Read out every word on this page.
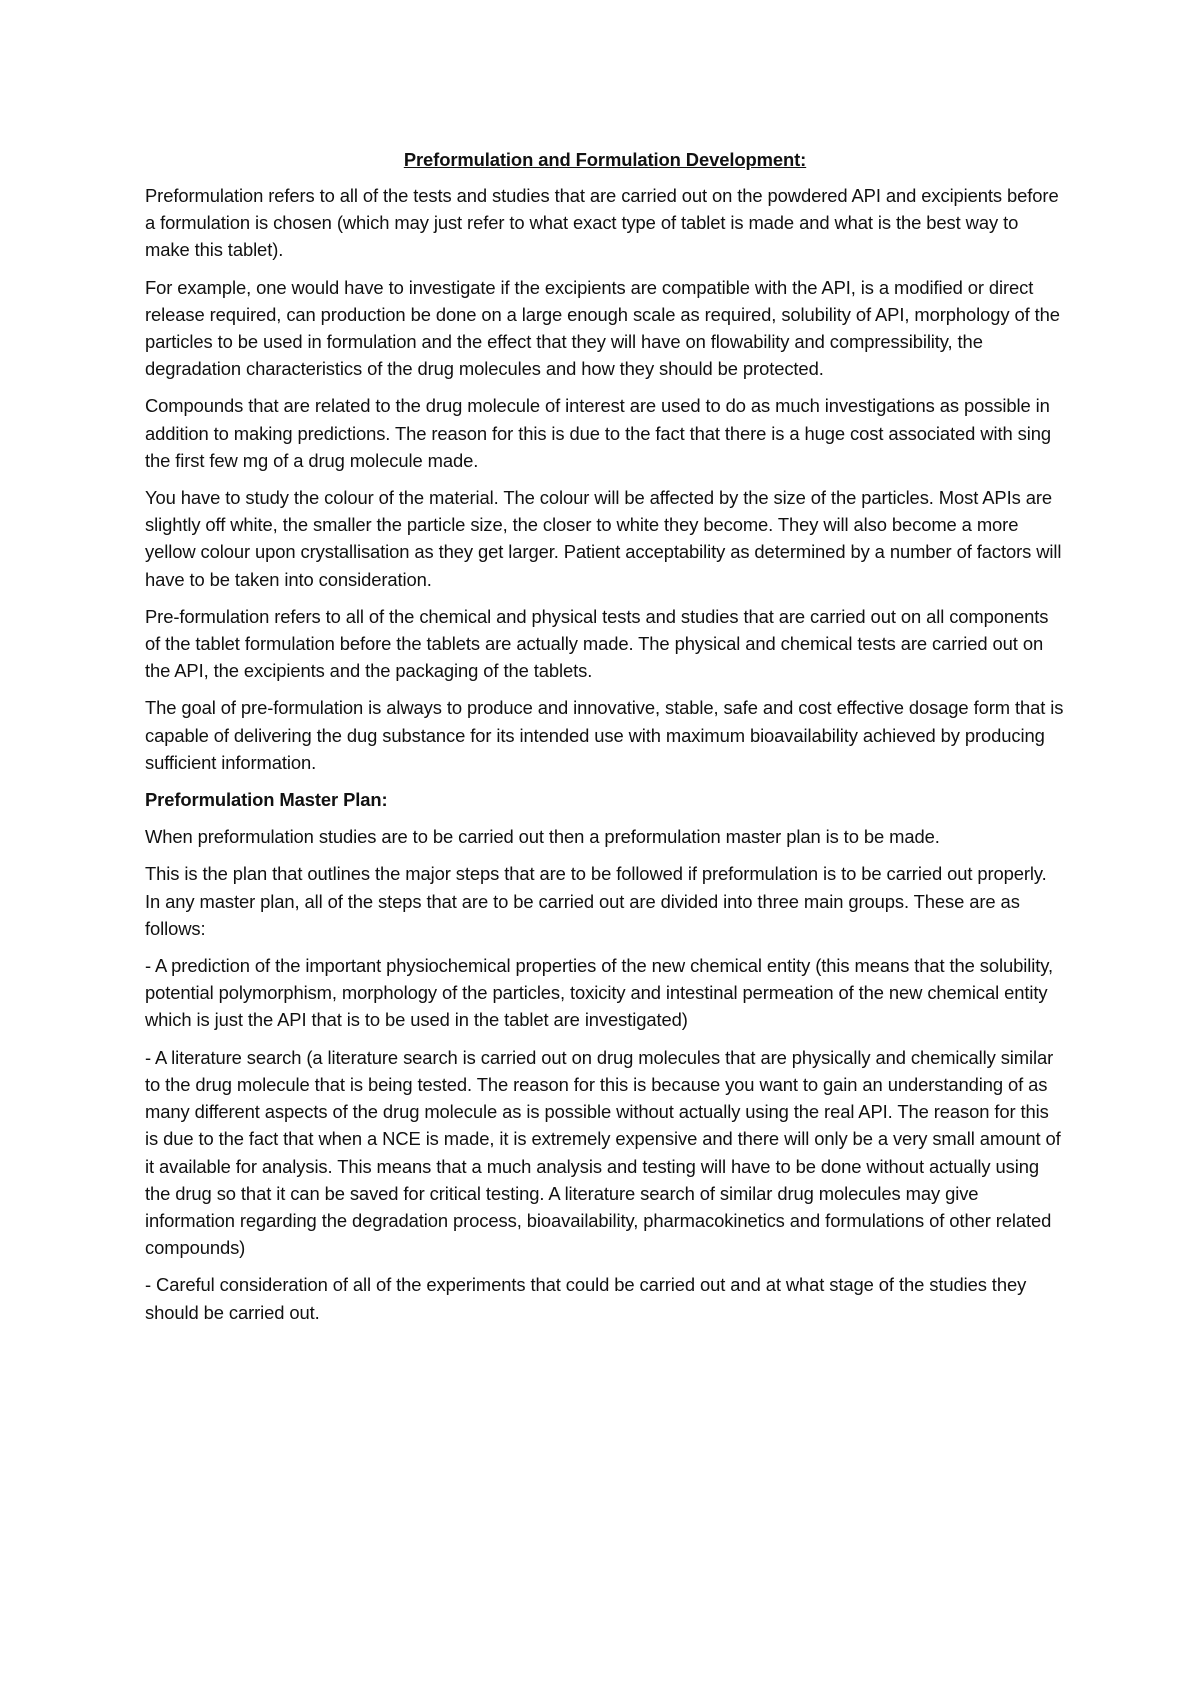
Preformulation and Formulation Development:

Preformulation refers to all of the tests and studies that are carried out on the powdered API and excipients before a formulation is chosen (which may just refer to what exact type of tablet is made and what is the best way to make this tablet).

For example, one would have to investigate if the excipients are compatible with the API, is a modified or direct release required, can production be done on a large enough scale as required, solubility of API, morphology of the particles to be used in formulation and the effect that they will have on flowability and compressibility, the degradation characteristics of the drug molecules and how they should be protected.

Compounds that are related to the drug molecule of interest are used to do as much investigations as possible in addition to making predictions. The reason for this is due to the fact that there is a huge cost associated with sing the first few mg of a drug molecule made.

You have to study the colour of the material. The colour will be affected by the size of the particles. Most APIs are slightly off white, the smaller the particle size, the closer to white they become. They will also become a more yellow colour upon crystallisation as they get larger. Patient acceptability as determined by a number of factors will have to be taken into consideration.

Pre-formulation refers to all of the chemical and physical tests and studies that are carried out on all components of the tablet formulation before the tablets are actually made. The physical and chemical tests are carried out on the API, the excipients and the packaging of the tablets.

The goal of pre-formulation is always to produce and innovative, stable, safe and cost effective dosage form that is capable of delivering the dug substance for its intended use with maximum bioavailability achieved by producing sufficient information.

Preformulation Master Plan:

When preformulation studies are to be carried out then a preformulation master plan is to be made.

This is the plan that outlines the major steps that are to be followed if preformulation is to be carried out properly. In any master plan, all of the steps that are to be carried out are divided into three main groups. These are as follows:

- A prediction of the important physiochemical properties of the new chemical entity (this means that the solubility, potential polymorphism, morphology of the particles, toxicity and intestinal permeation of the new chemical entity which is just the API that is to be used in the tablet are investigated)

- A literature search (a literature search is carried out on drug molecules that are physically and chemically similar to the drug molecule that is being tested. The reason for this is because you want to gain an understanding of as many different aspects of the drug molecule as is possible without actually using the real API. The reason for this is due to the fact that when a NCE is made, it is extremely expensive and there will only be a very small amount of it available for analysis. This means that a much analysis and testing will have to be done without actually using the drug so that it can be saved for critical testing. A literature search of similar drug molecules may give information regarding the degradation process, bioavailability, pharmacokinetics and formulations of other related compounds)

- Careful consideration of all of the experiments that could be carried out and at what stage of the studies they should be carried out.
